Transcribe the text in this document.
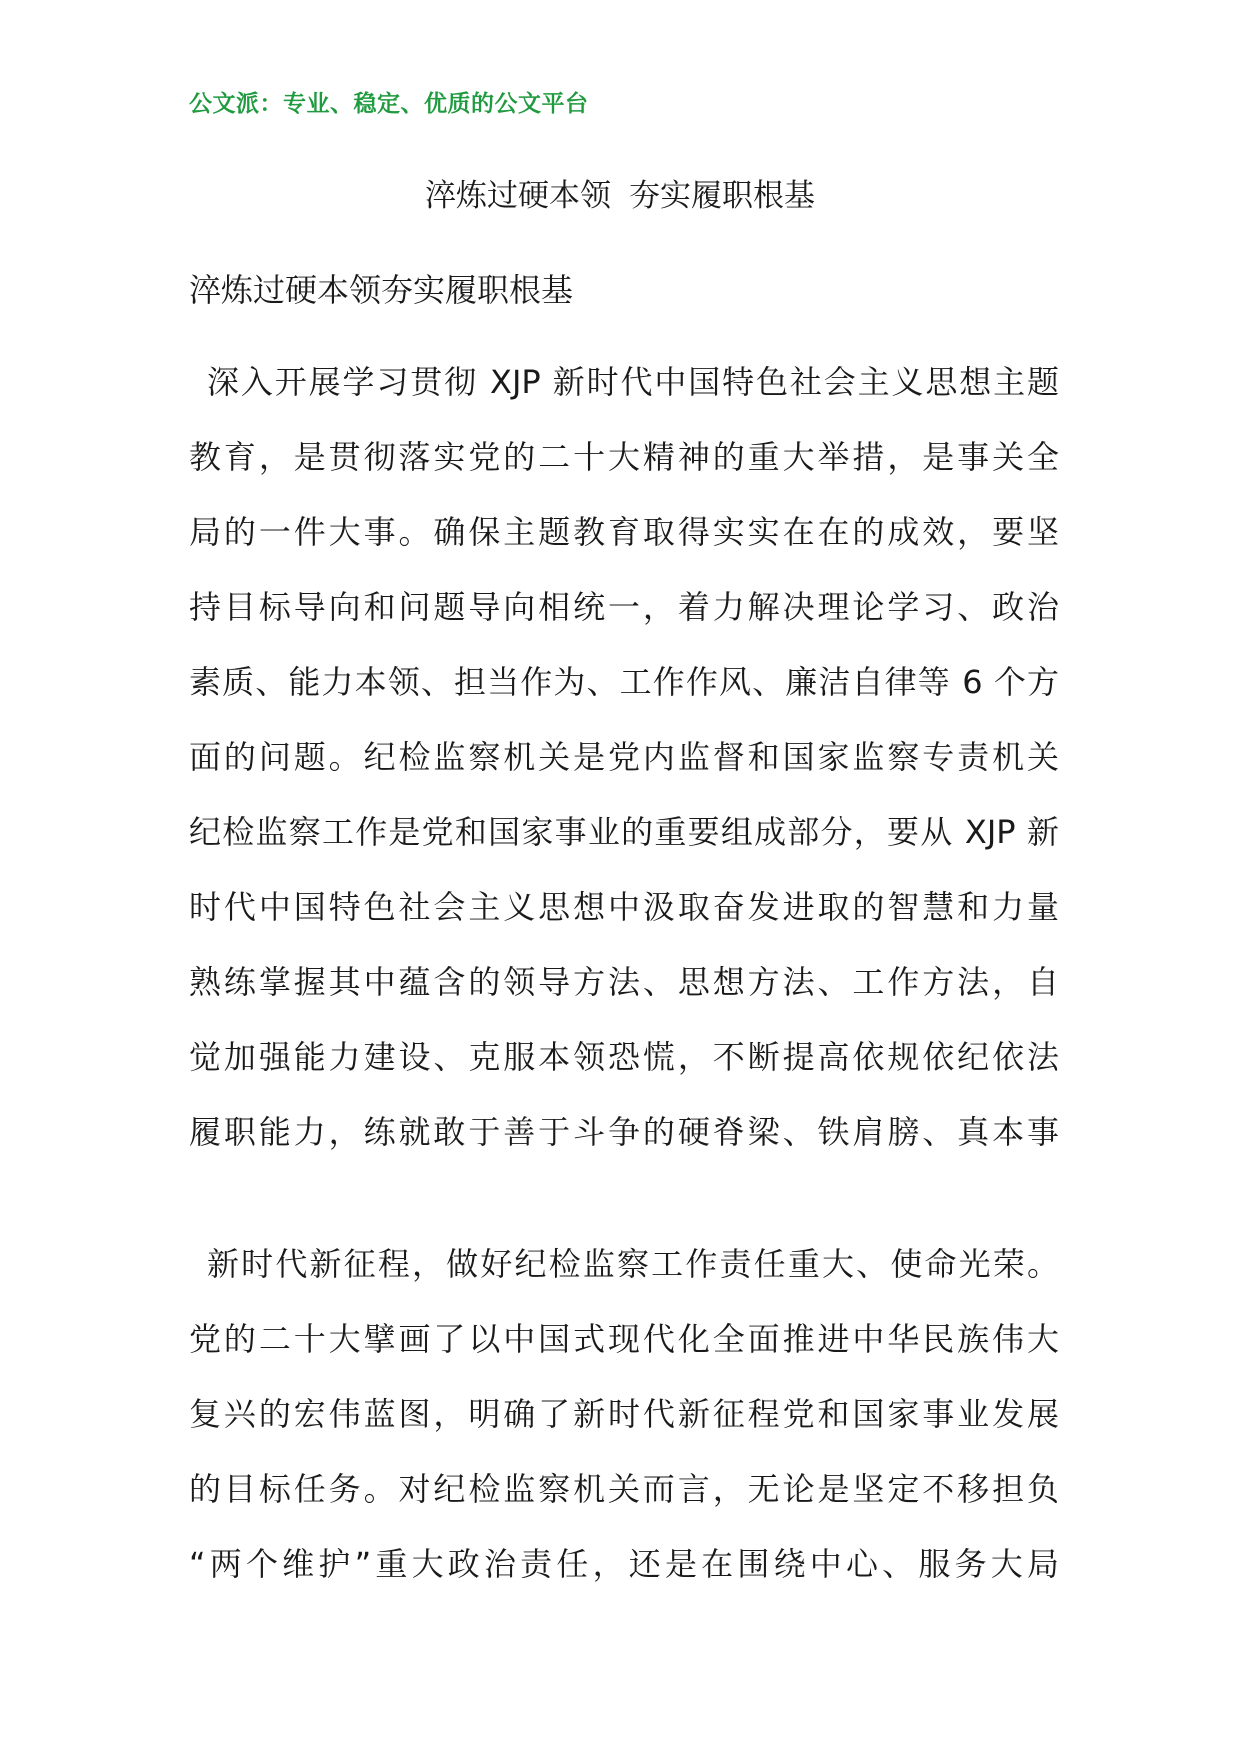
公文派：专业、稳定、优质的公文平台
淬炼过硬本领 夯实履职根基
淬炼过硬本领夯实履职根基
深入开展学习贯彻 XJP 新时代中国特色社会主义思想主题
教育，是贯彻落实党的二十大精神的重大举措，是事关全
局的一件大事。确保主题教育取得实实在在的成效，要坚
持目标导向和问题导向相统一，着力解决理论学习、政治
素质、能力本领、担当作为、工作作风、廉洁自律等 6 个方
面的问题。纪检监察机关是党内监督和国家监察专责机关
纪检监察工作是党和国家事业的重要组成部分，要从 XJP 新
时代中国特色社会主义思想中汲取奋发进取的智慧和力量
熟练掌握其中蕴含的领导方法、思想方法、工作方法，自
觉加强能力建设、克服本领恐慌，不断提高依规依纪依法
履职能力，练就敢于善于斗争的硬脊梁、铁肩膀、真本事
新时代新征程，做好纪检监察工作责任重大、使命光荣。
党的二十大擘画了以中国式现代化全面推进中华民族伟大
复兴的宏伟蓝图，明确了新时代新征程党和国家事业发展
的目标任务。对纪检监察机关而言，无论是坚定不移担负
“两个维护”重大政治责任，还是在围绕中心、服务大局
